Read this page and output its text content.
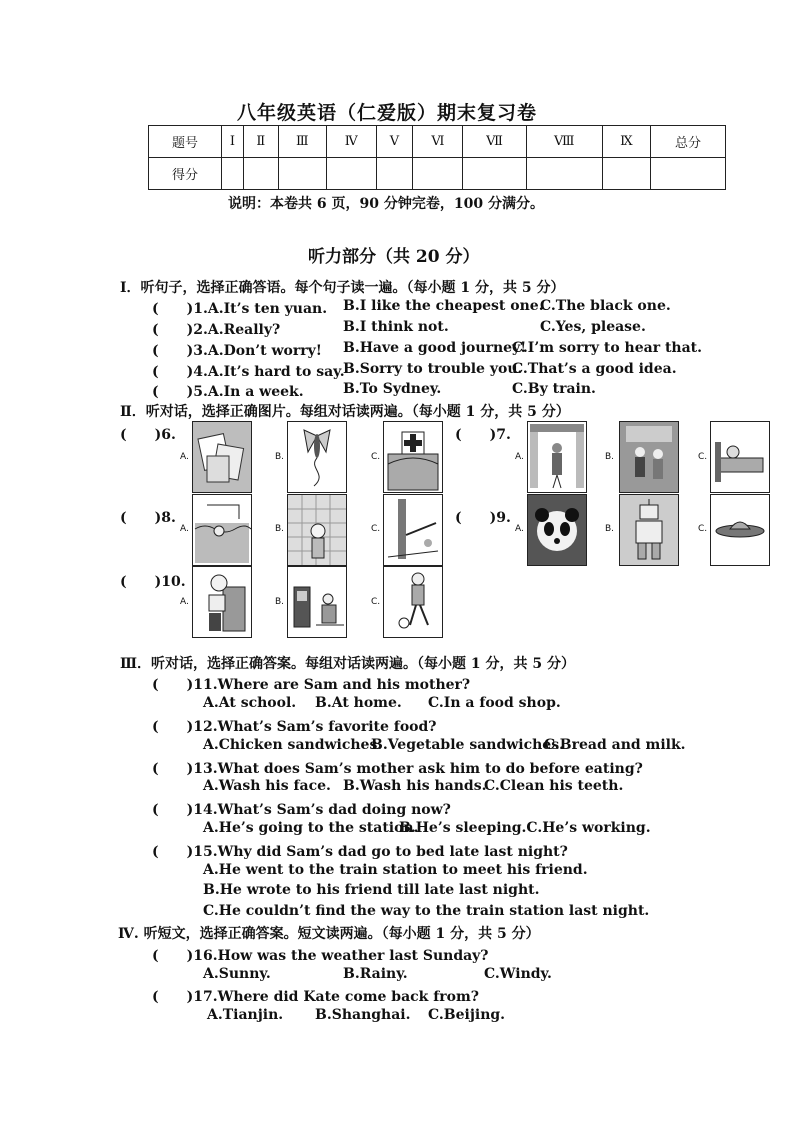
八年级英语（仁爱版）期末复习卷
题号	Ⅰ	Ⅱ	Ⅲ	Ⅳ	Ⅴ	Ⅵ	Ⅶ	Ⅷ	Ⅸ	总分
得分										
说明：本卷共 6 页，90 分钟完卷，100 分满分。
听力部分（共 20 分）
Ⅰ．听句子，选择正确答语。每个句子读一遍。（每小题 1 分，共 5 分）
(　　)1.A.It’s ten yuan. B.I like the cheapest one.
C.The black one.
(　　)2.A.Really?	B.I think not.	C.Yes, please.
(　　)3.A.Don’t worry! B.Have a good journey!
C.I’m sorry to hear that.
(　　)4.A.It’s hard to say.
B.Sorry to trouble you.
C.That’s a good idea.
(　　)5.A.In a week.	B.To Sydney.	C.By train.
Ⅱ．听对话，选择正确图片。每组对话读两遍。（每小题 1 分，共 5 分）
(　　)6.
A.	B.	C.
(　　)7.
A.	B.	C.
(　　)8.
A.	B.	C.
(　　)9.
A.	B.	C.
(　　)10.
A.	B.	C.
Ⅲ．听对话，选择正确答案。每组对话读两遍。（每小题 1 分，共 5 分）
(　　)11.Where are Sam and his mother?
A.At school. B.At home. C.In a food shop.
(　　)12.What’s Sam’s favorite food?
A.Chicken sandwiches.
B.Vegetable sandwiches.
C.Bread and milk.
(　　)13.What does Sam’s mother ask him to do before eating?
A.Wash his face. B.Wash his hands.
C.Clean his teeth.
(　　)14.What’s Sam’s dad doing now?
A.He’s going to the station.
B.He’s sleeping.C.He’s working.
(　　)15.Why did Sam’s dad go to bed late last night?
A.He went to the train station to meet his friend.
B.He wrote to his friend till late last night.
C.He couldn’t find the way to the train station last night.
Ⅳ. 听短文，选择正确答案。短文读两遍。（每小题 1 分，共 5 分）
(　　)16.How was the weather last Sunday?
A.Sunny.	B.Rainy.	C.Windy.
(　　)17.Where did Kate come back from?
A.Tianjin. B.Shanghai. C.Beijing.
